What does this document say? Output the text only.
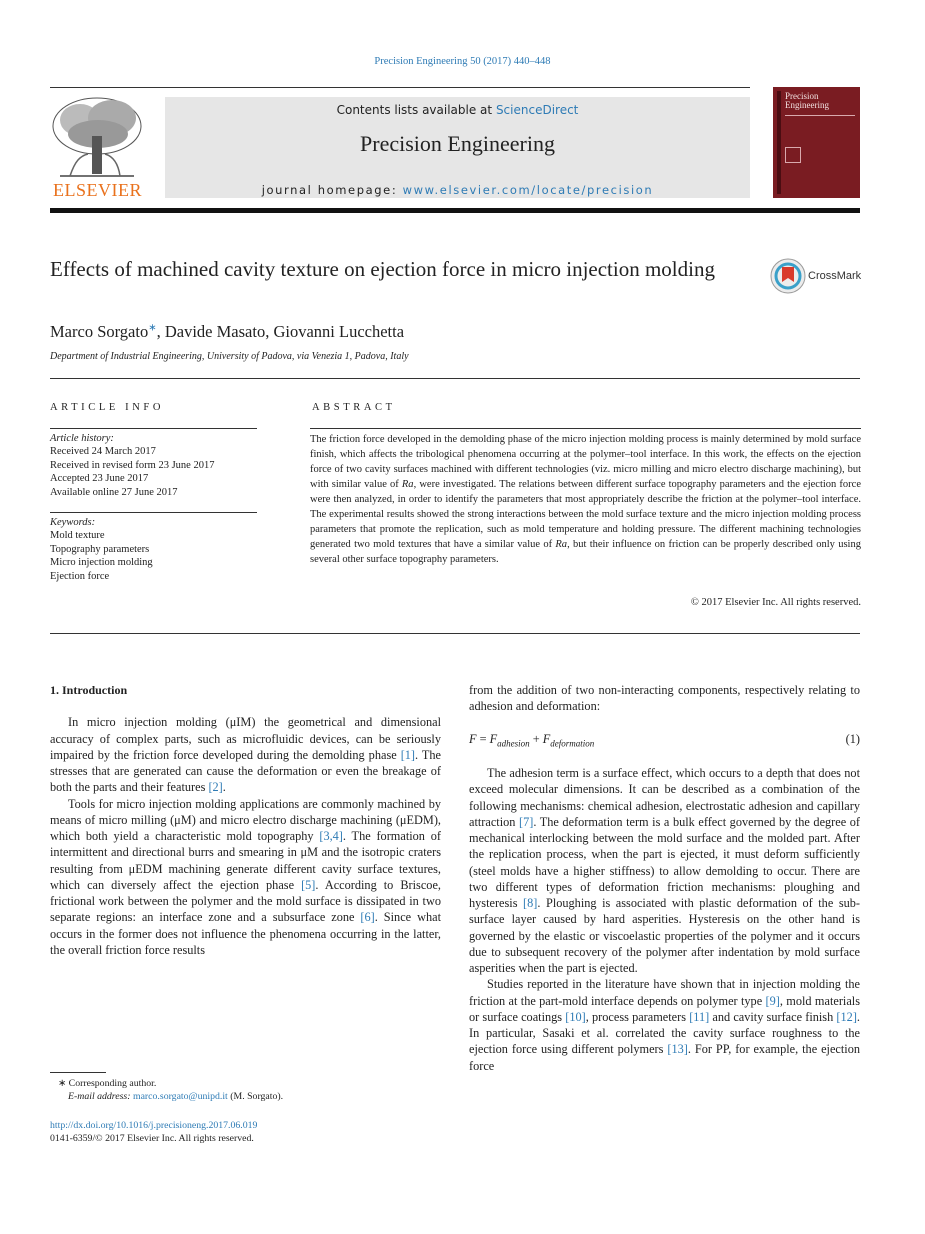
Precision Engineering 50 (2017) 440–448
ELSEVIER
Contents lists available at ScienceDirect
Precision Engineering
journal homepage: www.elsevier.com/locate/precision
Precision Engineering
Effects of machined cavity texture on ejection force in micro injection molding	CrossMark
Marco Sorgato∗, Davide Masato, Giovanni Lucchetta
Department of Industrial Engineering, University of Padova, via Venezia 1, Padova, Italy
ARTICLE INFO
Article history:
Received 24 March 2017
Received in revised form 23 June 2017
Accepted 23 June 2017
Available online 27 June 2017
Keywords:
Mold texture
Topography parameters
Micro injection molding
Ejection force
ABSTRACT
The friction force developed in the demolding phase of the micro injection molding process is mainly determined by mold surface finish, which affects the tribological phenomena occurring at the polymer–tool interface. In this work, the effects on the ejection force of two cavity surfaces machined with different technologies (viz. micro milling and micro electro discharge machining), but with similar value of Ra, were investigated. The relations between different surface topography parameters and the ejection force were then analyzed, in order to identify the parameters that most appropriately describe the friction at the polymer–tool interface. The experimental results showed the strong interactions between the mold surface texture and the micro injection molding process parameters that promote the replication, such as mold temperature and holding pressure. The different machining technologies generated two mold textures that have a similar value of Ra, but their influence on friction can be properly described only using several other surface topography parameters.
© 2017 Elsevier Inc. All rights reserved.
1. Introduction

In micro injection molding (μIM) the geometrical and dimensional accuracy of complex parts, such as microfluidic devices, can be seriously impaired by the friction force developed during the demolding phase [1]. The stresses that are generated can cause the deformation or even the breakage of both the parts and their features [2].

Tools for micro injection molding applications are commonly machined by means of micro milling (μM) and micro electro discharge machining (μEDM), which both yield a characteristic mold topography [3,4]. The formation of intermittent and directional burrs and smearing in μM and the isotropic craters resulting from μEDM machining generate different cavity surface textures, which can diversely affect the ejection phase [5]. According to Briscoe, frictional work between the polymer and the mold surface is dissipated in two separate regions: an interface zone and a subsurface zone [6]. Since what occurs in the former does not influence the phenomena occurring in the latter, the overall friction force results

from the addition of two non-interacting components, respectively relating to adhesion and deformation:

$F = F_{adhesion} + F_{deformation}$	(1)

The adhesion term is a surface effect, which occurs to a depth that does not exceed molecular dimensions. It can be described as a combination of the following mechanisms: chemical adhesion, electrostatic adhesion and capillary attraction [7]. The deformation term is a bulk effect governed by the degree of mechanical interlocking between the mold surface and the molded part. After the replication process, when the part is ejected, it must deform sufficiently (steel molds have a higher stiffness) to allow demolding to occur. There are two different types of deformation friction mechanisms: ploughing and hysteresis [8]. Ploughing is associated with plastic deformation of the sub-surface layer caused by hard asperities. Hysteresis on the other hand is governed by the elastic or viscoelastic properties of the polymer and it occurs due to subsequent recovery of the polymer after indentation by mold surface asperities when the part is ejected.

Studies reported in the literature have shown that in injection molding the friction at the part-mold interface depends on polymer type [9], mold materials or surface coatings [10], process parameters [11] and cavity surface finish [12]. In particular, Sasaki et al. correlated the cavity surface roughness to the ejection force using different polymers [13]. For PP, for example, the ejection force

∗ Corresponding author.
E-mail address: marco.sorgato@unipd.it (M. Sorgato).
http://dx.doi.org/10.1016/j.precisioneng.2017.06.019
0141-6359/© 2017 Elsevier Inc. All rights reserved.
